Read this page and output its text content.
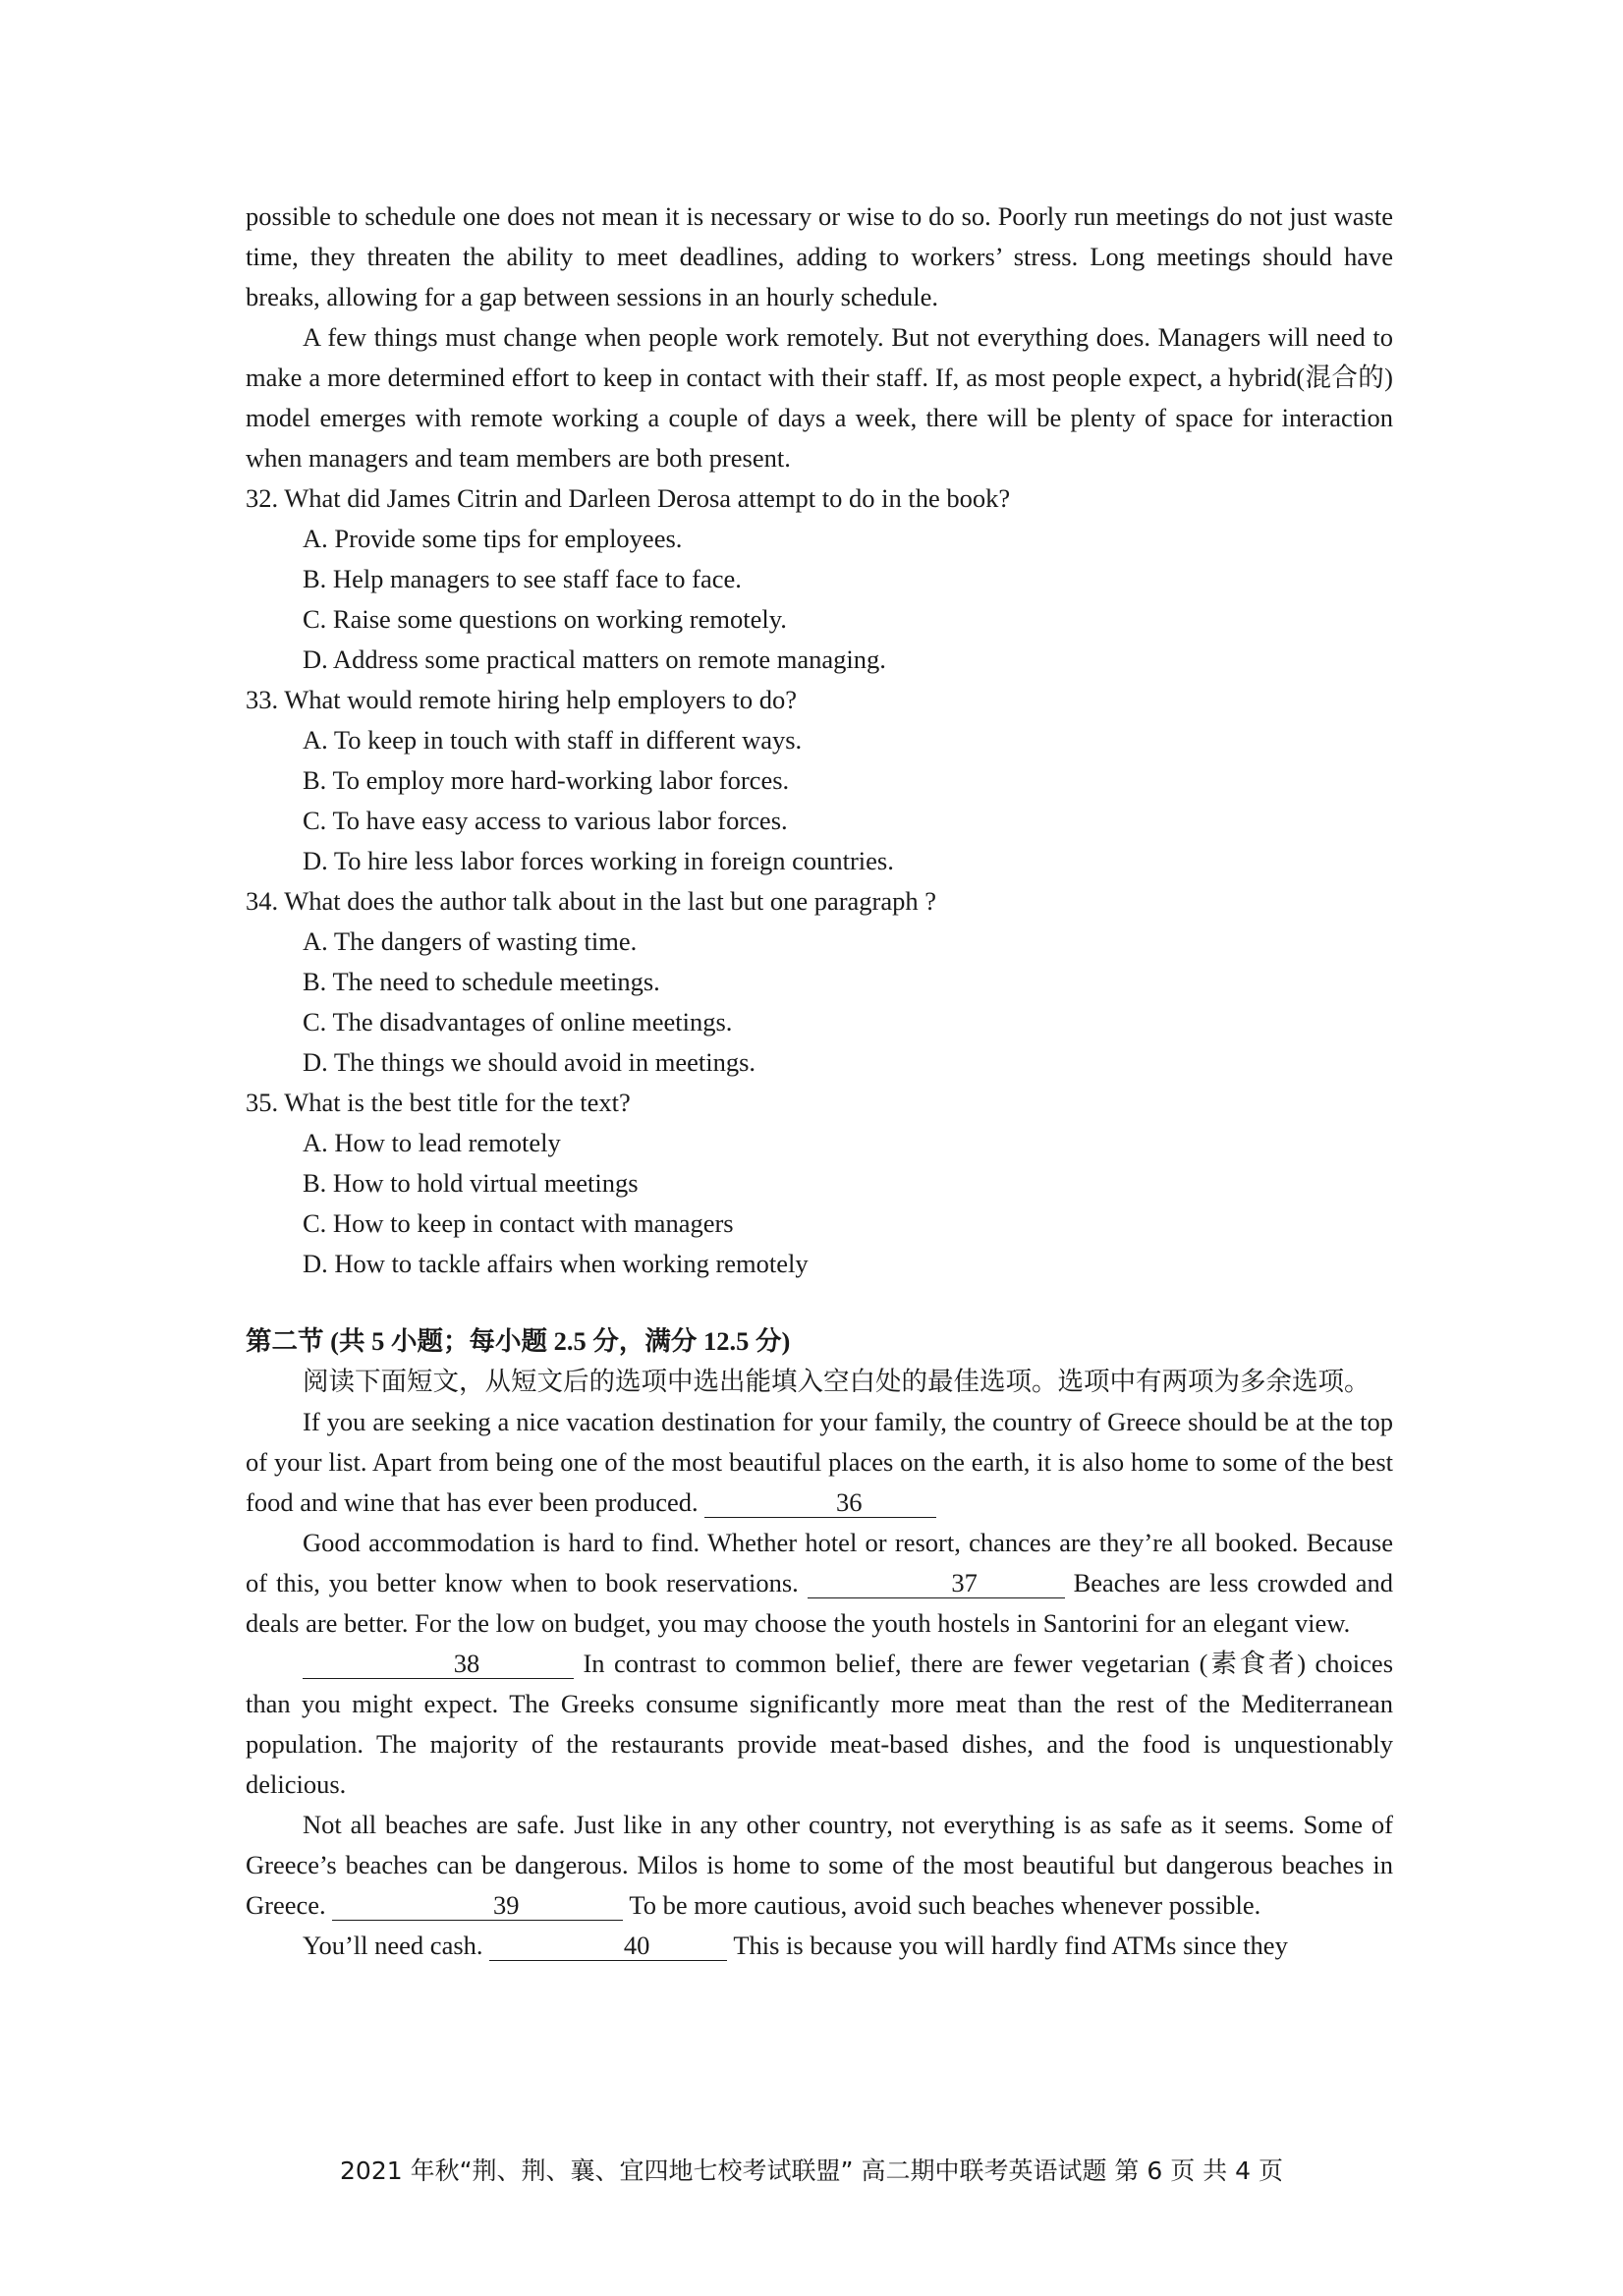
possible to schedule one does not mean it is necessary or wise to do so. Poorly run meetings do not just waste time, they threaten the ability to meet deadlines, adding to workers’ stress. Long meetings should have breaks, allowing for a gap between sessions in an hourly schedule.

A few things must change when people work remotely. But not everything does. Managers will need to make a more determined effort to keep in contact with their staff. If, as most people expect, a hybrid(混合的) model emerges with remote working a couple of days a week, there will be plenty of space for interaction when managers and team members are both present.

32. What did James Citrin and Darleen Derosa attempt to do in the book?

A. Provide some tips for employees.

B. Help managers to see staff face to face.

C. Raise some questions on working remotely.

D. Address some practical matters on remote managing.

33. What would remote hiring help employers to do?

A. To keep in touch with staff in different ways.

B. To employ more hard-working labor forces.

C. To have easy access to various labor forces.

D. To hire less labor forces working in foreign countries.

34. What does the author talk about in the last but one paragraph ?

A. The dangers of wasting time.

B. The need to schedule meetings.

C. The disadvantages of online meetings.

D. The things we should avoid in meetings.

35. What is the best title for the text?

A. How to lead remotely

B. How to hold virtual meetings

C. How to keep in contact with managers

D. How to tackle affairs when working remotely

第二节 (共 5 小题；每小题 2.5 分，满分 12.5 分)

阅读下面短文，从短文后的选项中选出能填入空白处的最佳选项。选项中有两项为多余选项。

If you are seeking a nice vacation destination for your family, the country of Greece should be at the top of your list. Apart from being one of the most beautiful places on the earth, it is also home to some of the best food and wine that has ever been produced.	36

Good accommodation is hard to find. Whether hotel or resort, chances are they’re all booked. Because of this, you better know when to book reservations.	37	Beaches are less crowded and deals are better. For the low on budget, you may choose the youth hostels in Santorini for an elegant view.

38	In contrast to common belief, there are fewer vegetarian (素食者) choices than you might expect. The Greeks consume significantly more meat than the rest of the Mediterranean population. The majority of the restaurants provide meat-based dishes, and the food is unquestionably delicious.

Not all beaches are safe. Just like in any other country, not everything is as safe as it seems. Some of Greece’s beaches can be dangerous. Milos is home to some of the most beautiful but dangerous beaches in Greece.	39	To be more cautious, avoid such beaches whenever possible.

You’ll need cash.	40	This is because you will hardly find ATMs since they

2021 年秋“荆、荆、襄、宜四地七校考试联盟” 高二期中联考英语试题 第 6 页 共 4 页
